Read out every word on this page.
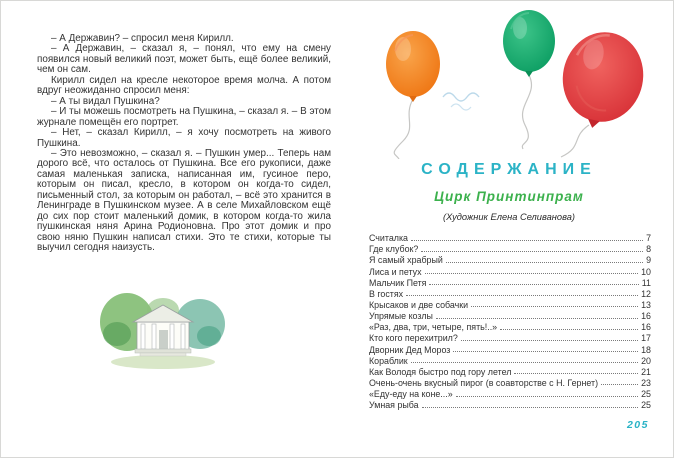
– А Державин? – спросил меня Кирилл.

– А Державин, – сказал я, – понял, что ему на смену появился новый великий поэт, может быть, ещё более великий, чем он сам.

Кирилл сидел на кресле некоторое время молча. А потом вдруг неожиданно спросил меня:

– А ты видал Пушкина?

– И ты можешь посмотреть на Пушкина, – сказал я. – В этом журнале помещён его портрет.

– Нет, – сказал Кирилл, – я хочу посмотреть на живого Пушкина.

– Это невозможно, – сказал я. – Пушкин умер... Теперь нам дорого всё, что осталось от Пушкина. Все его рукописи, даже самая маленькая записка, написанная им, гусиное перо, которым он писал, кресло, в котором он когда-то сидел, письменный стол, за которым он работал, – всё это хранится в Ленинграде в Пушкинском музее. А в селе Михайловском ещё до сих пор стоит маленький домик, в котором когда-то жила пушкинская няня Арина Родионовна. Про этот домик и про свою няню Пушкин написал стихи. Это те стихи, которые ты выучил сегодня наизусть.

СОДЕРЖАНИЕ
Цирк Принтинпрам
(Художник Елена Селиванова)
Считалка	7
Где клубок?	8
Я самый храбрый	9
Лиса и петух	10
Мальчик Петя	11
В гостях	12
Крысаков и две собачки	13
Упрямые козлы	16
«Раз, два, три, четыре, пять!..»	16
Кто кого перехитрил?	17
Дворник Дед Мороз	18
Кораблик	20
Как Володя быстро под гору летел	21
Очень-очень вкусный пирог (в соавторстве с Н. Гернет)	23
«Еду-еду на коне...»	25
Умная рыба	25
205
